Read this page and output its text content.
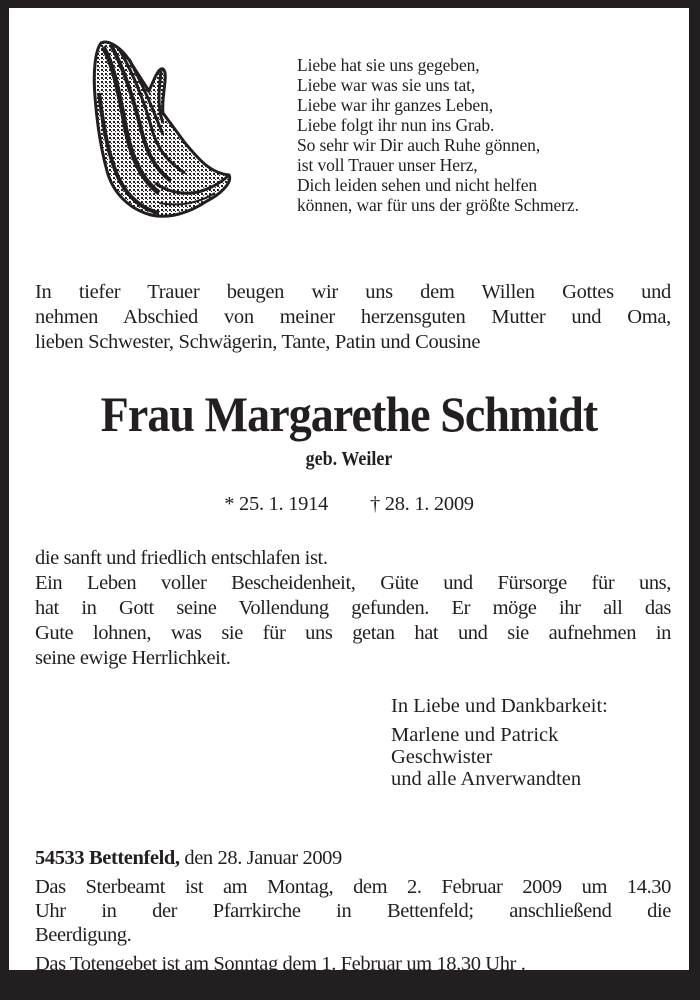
Liebe hat sie uns gegeben,
Liebe war was sie uns tat,
Liebe war ihr ganzes Leben,
Liebe folgt ihr nun ins Grab.
So sehr wir Dir auch Ruhe gönnen,
ist voll Trauer unser Herz,
Dich leiden sehen und nicht helfen
können, war für uns der größte Schmerz.
In tiefer Trauer beugen wir uns dem Willen Gottes und
nehmen Abschied von meiner herzensguten Mutter und Oma,
lieben Schwester, Schwägerin, Tante, Patin und Cousine
Frau Margarethe Schmidt
geb. Weiler
* 25. 1. 1914 † 28. 1. 2009
die sanft und friedlich entschlafen ist.
Ein Leben voller Bescheidenheit, Güte und Fürsorge für uns,
hat in Gott seine Vollendung gefunden. Er möge ihr all das
Gute lohnen, was sie für uns getan hat und sie aufnehmen in
seine ewige Herrlichkeit.
In Liebe und Dankbarkeit:
Marlene und Patrick
Geschwister
und alle Anverwandten
54533 Bettenfeld, den 28. Januar 2009
Das Sterbeamt ist am Montag, dem 2. Februar 2009 um 14.30
Uhr in der Pfarrkirche in Bettenfeld; anschließend die
Beerdigung.
Das Totengebet ist am Sonntag dem 1. Februar um 18.30 Uhr .
